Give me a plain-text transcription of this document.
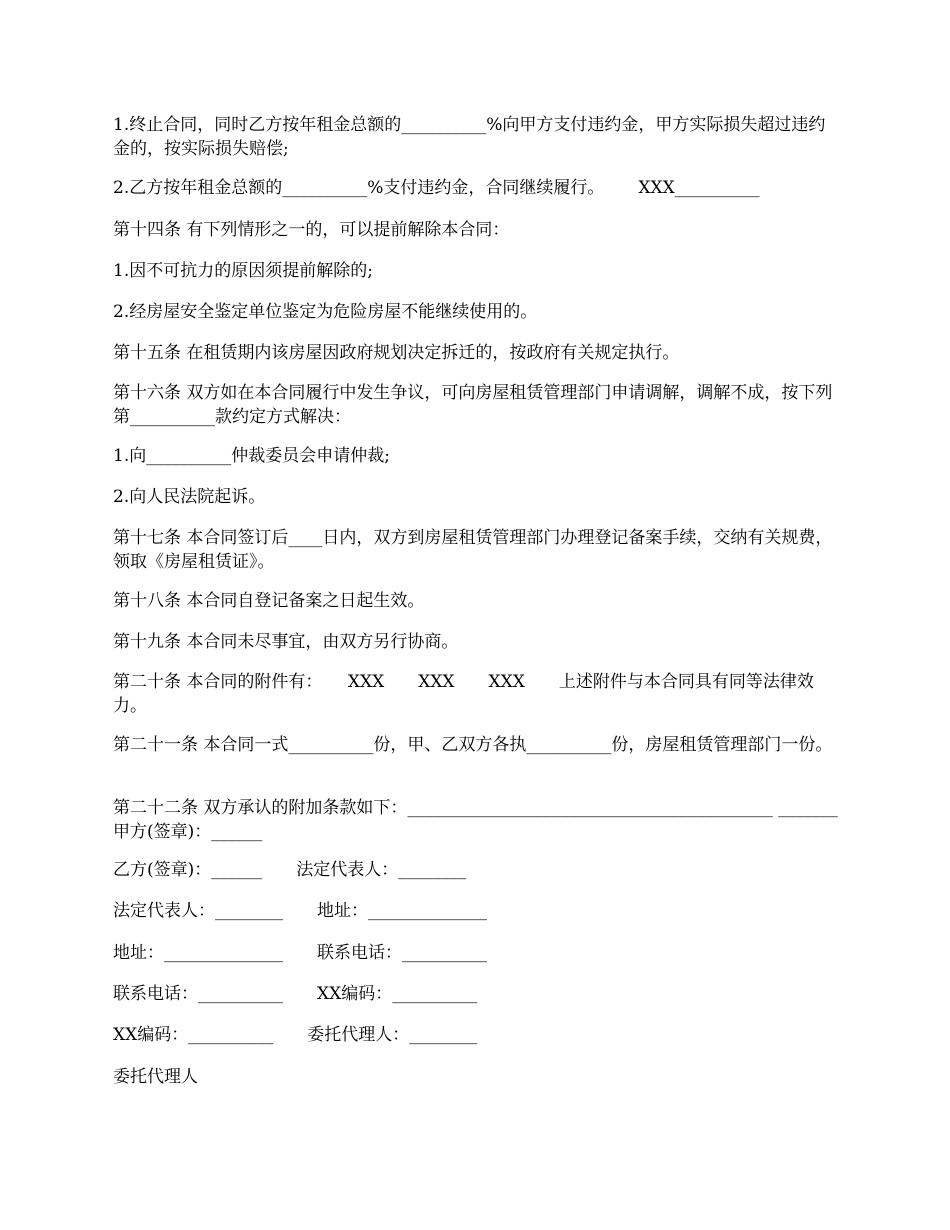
1.终止合同，同时乙方按年租金总额的__________%向甲方支付违约金，甲方实际损失超过违约金的，按实际损失赔偿;

2.乙方按年租金总额的__________%支付违约金，合同继续履行。 XXX__________

第十四条 有下列情形之一的，可以提前解除本合同：

1.因不可抗力的原因须提前解除的;

2.经房屋安全鉴定单位鉴定为危险房屋不能继续使用的。

第十五条 在租赁期内该房屋因政府规划决定拆迁的，按政府有关规定执行。

第十六条 双方如在本合同履行中发生争议，可向房屋租赁管理部门申请调解，调解不成，按下列第__________款约定方式解决：

1.向__________仲裁委员会申请仲裁;

2.向人民法院起诉。

第十七条 本合同签订后____日内，双方到房屋租赁管理部门办理登记备案手续，交纳有关规费，领取《房屋租赁证》。

第十八条 本合同自登记备案之日起生效。

第十九条 本合同未尽事宜，由双方另行协商。

第二十条 本合同的附件有：　　XXX　　XXX　　XXX　　上述附件与本合同具有同等法律效力。

第二十一条 本合同一式__________份，甲、乙双方各执__________份，房屋租赁管理部门一份。

第二十二条 双方承认的附加条款如下：___________________________________________ _______　　甲方(签章)：______

乙方(签章)：______ 法定代表人：________

法定代表人：________ 地址：______________

地址：______________ 联系电话：__________

联系电话：__________ XX编码：__________

XX编码：__________ 委托代理人：________

委托代理人
